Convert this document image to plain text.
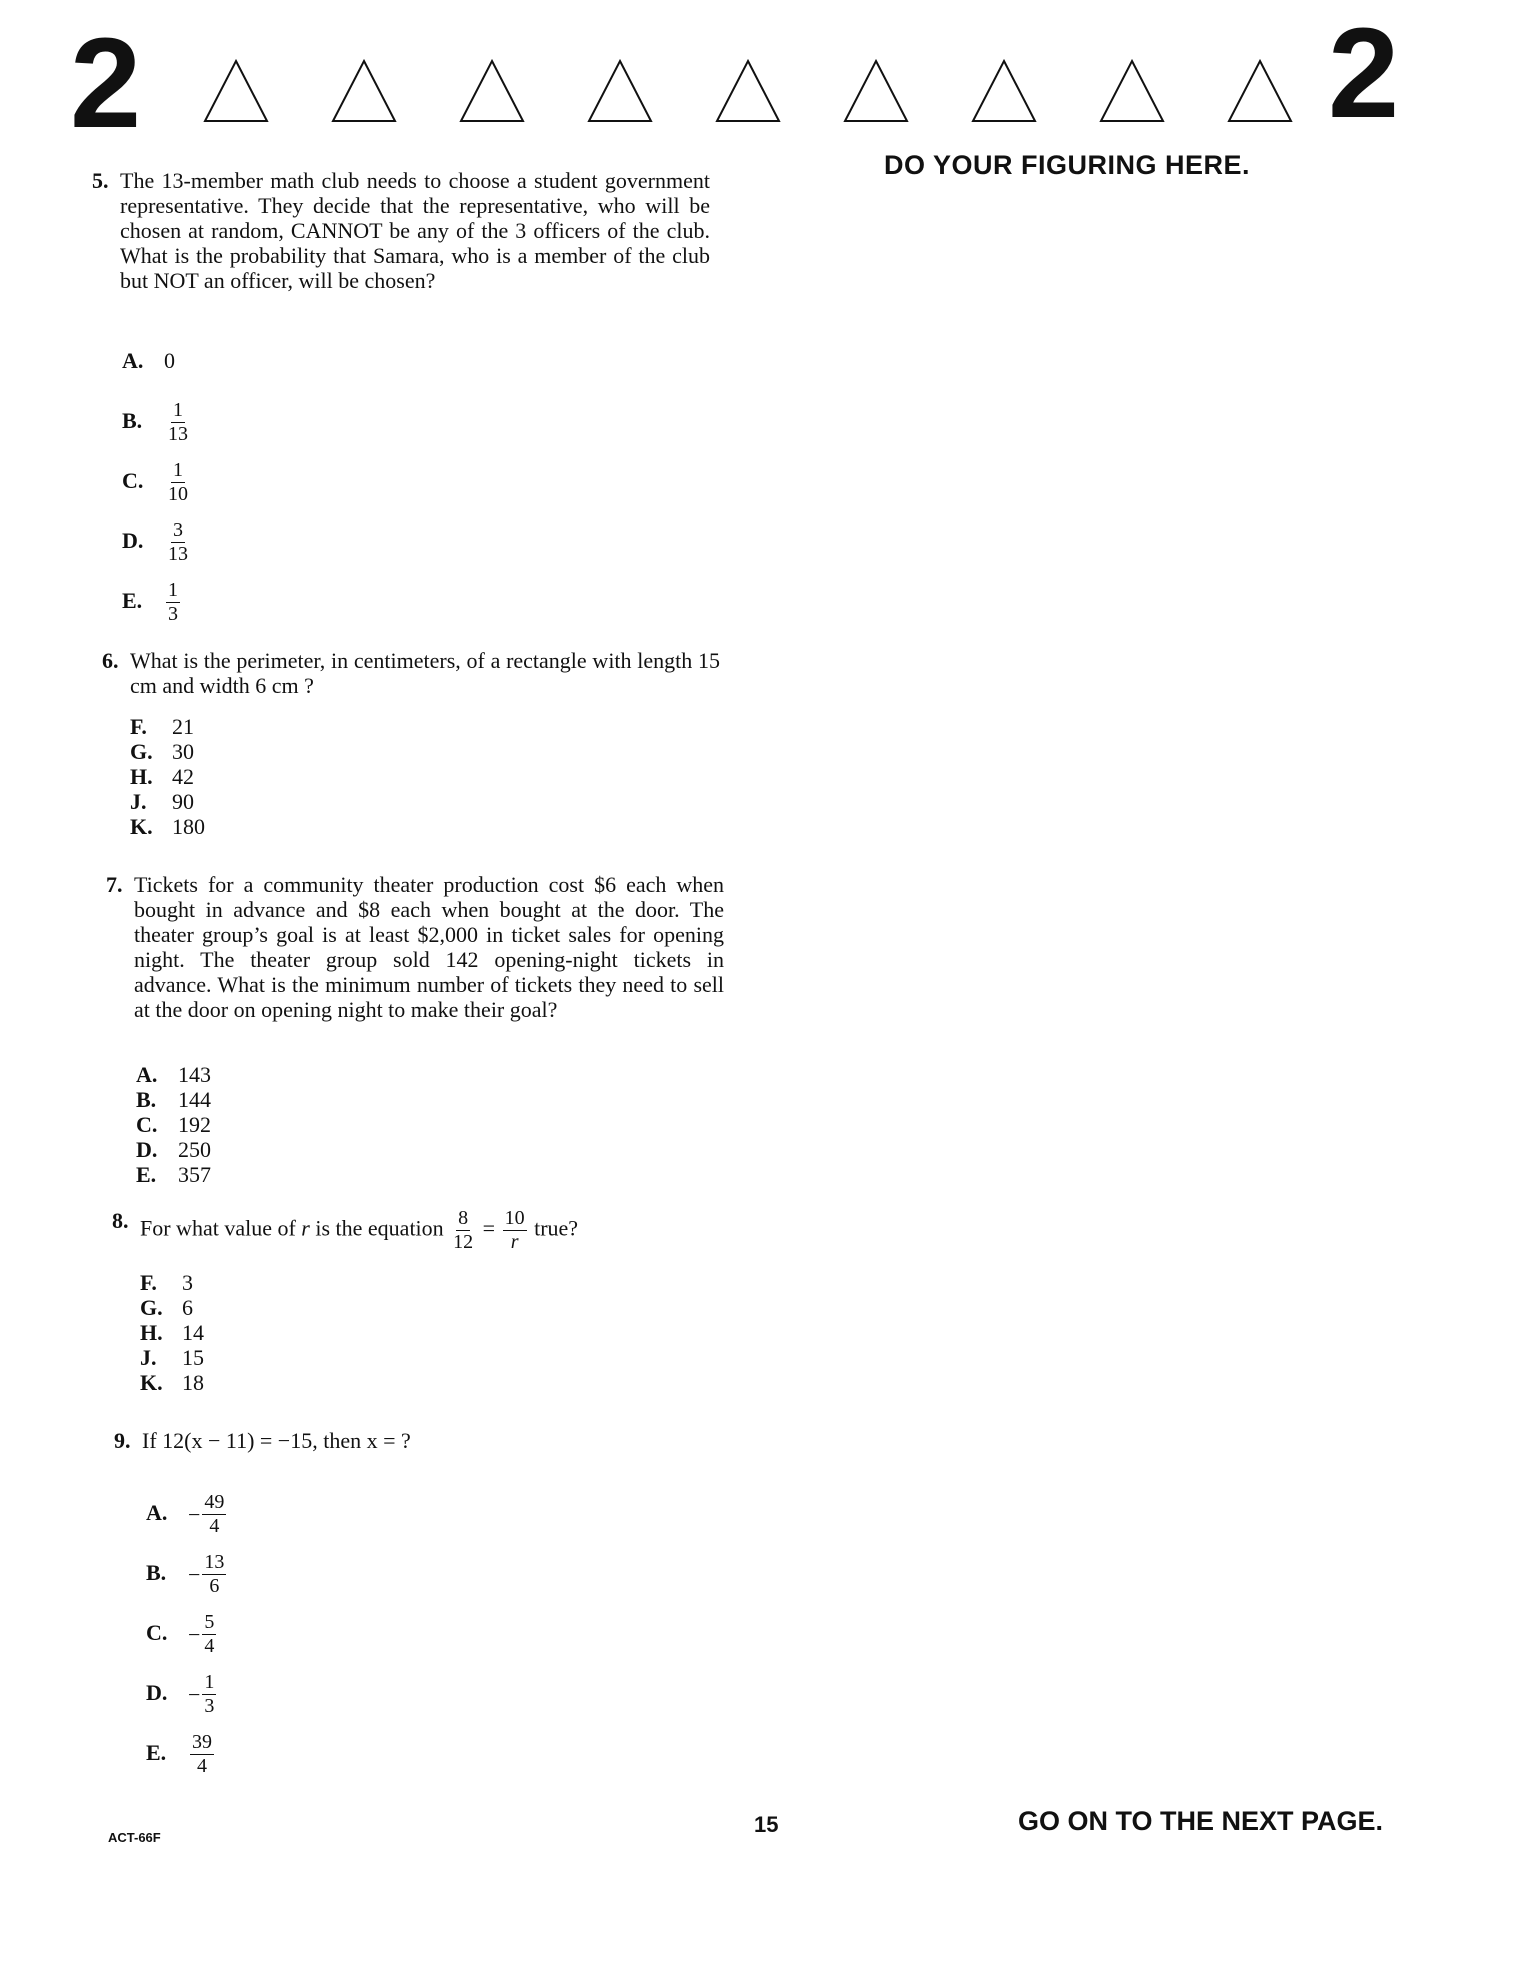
2	2
DO YOUR FIGURING HERE.
5. The 13-member math club needs to choose a student government representative. They decide that the representative, who will be chosen at random, CANNOT be any of the 3 officers of the club. What is the probability that Samara, who is a member of the club but NOT an officer, will be chosen?
A. 0
B. $\frac{1}{13}$
C. $\frac{1}{10}$
D. $\frac{3}{13}$
E. $\frac{1}{3}$
6. What is the perimeter, in centimeters, of a rectangle with length 15 cm and width 6 cm ?
F. 21
G. 30
H. 42
J. 90
K. 180
7. Tickets for a community theater production cost $6 each when bought in advance and $8 each when bought at the door. The theater group’s goal is at least $2,000 in ticket sales for opening night. The theater group sold 142 opening-night tickets in advance. What is the minimum number of tickets they need to sell at the door on opening night to make their goal?
A. 143
B. 144
C. 192
D. 250
E. 357
8. For what value of r is the equation $\frac{8}{12} = \frac{10}{r}$ true?
F. 3
G. 6
H. 14
J. 15
K. 18
9. If 12(x − 11) = −15, then x = ?
A. − $\frac{49}{4}$
B. − $\frac{13}{6}$
C. − $\frac{5}{4}$
D. − $\frac{1}{3}$
E. $\frac{39}{4}$
ACT-66F
15	GO ON TO THE NEXT PAGE.
